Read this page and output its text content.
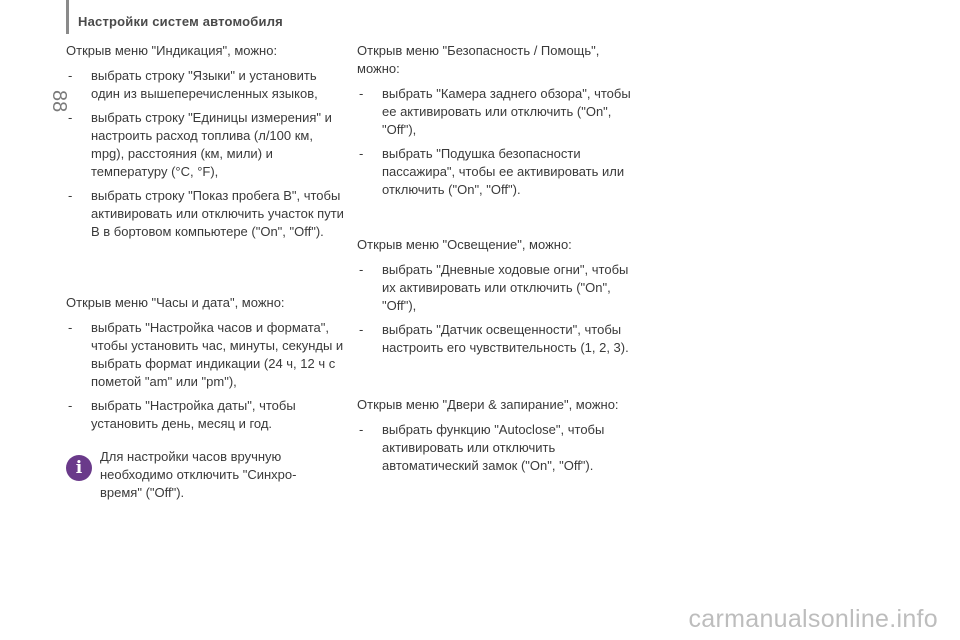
Настройки систем автомобиля
88
Открыв меню "Индикация", можно:
- выбрать строку "Языки" и установить один из вышеперечисленных языков,
- выбрать строку "Единицы измерения" и настроить расход топлива (л/100 км, mpg), расстояния (км, мили) и температуру (°C, °F),
- выбрать строку "Показ пробега B", чтобы активировать или отключить участок пути B в бортовом компьютере ("On", "Off").
Открыв меню "Часы и дата", можно:
- выбрать "Настройка часов и формата", чтобы установить час, минуты, секунды и выбрать формат индикации (24 ч, 12 ч с пометой "am" или "pm"),
- выбрать "Настройка даты", чтобы установить день, месяц и год.
i
Для настройки часов вручную необходимо отключить "Синхро-время" ("Off").
Открыв меню "Безопасность / Помощь", можно:
- выбрать "Камера заднего обзора", чтобы ее активировать или отключить ("On", "Off"),
- выбрать "Подушка безопасности пассажира", чтобы ее активировать или отключить ("On", "Off").
Открыв меню "Освещение", можно:
- выбрать "Дневные ходовые огни", чтобы их активировать или отключить ("On", "Off"),
- выбрать "Датчик освещенности", чтобы настроить его чувствительность (1, 2, 3).
Открыв меню "Двери & запирание", можно:
- выбрать функцию "Autoclose", чтобы активировать или отключить автоматический замок ("On", "Off").
carmanualsonline.info
